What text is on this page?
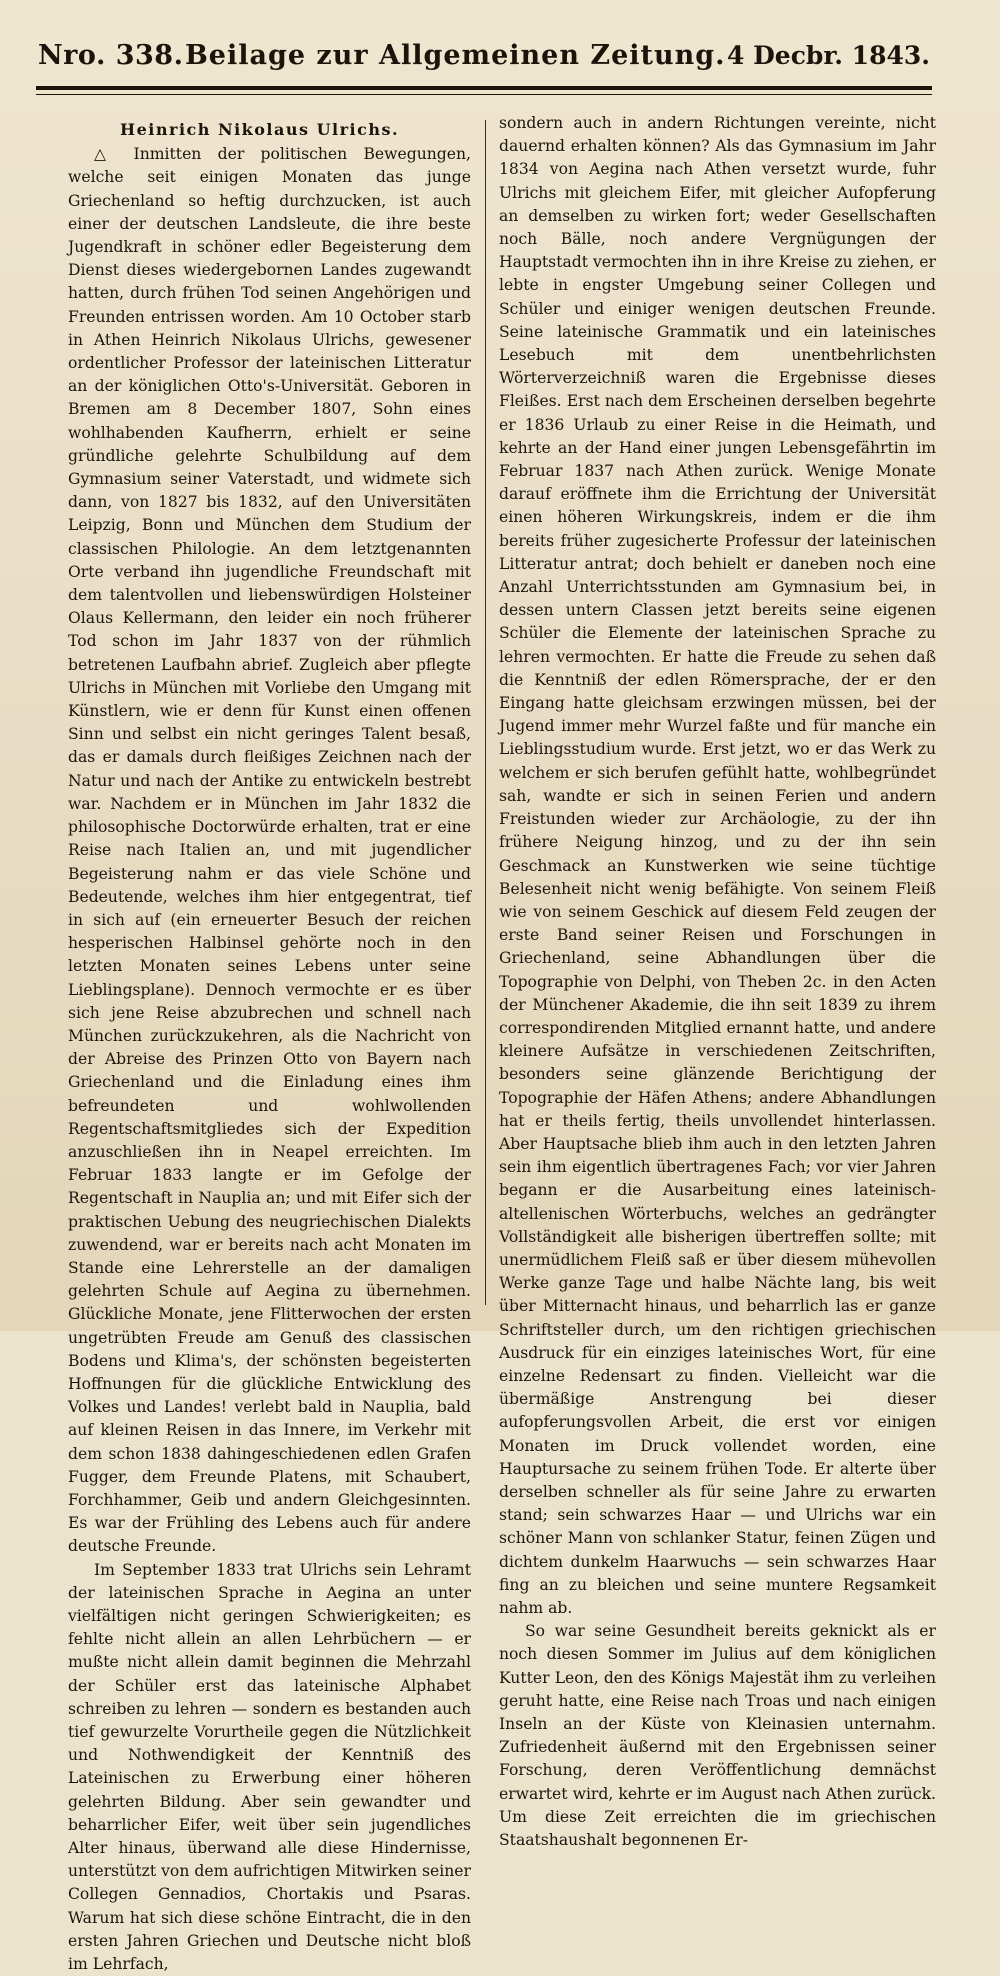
Nro. 338. Beilage zur Allgemeinen Zeitung. 4 Decbr. 1843.
Heinrich Nikolaus Ulrichs.

△ Inmitten der politischen Bewegungen, welche seit einigen Monaten das junge Griechenland so heftig durchzucken, ist auch einer der deutschen Landsleute, die ihre beste Jugendkraft in schöner edler Begeisterung dem Dienst dieses wiedergebornen Landes zugewandt hatten, durch frühen Tod seinen Angehörigen und Freunden entrissen worden. Am 10 October starb in Athen Heinrich Nikolaus Ulrichs, gewesener ordentlicher Professor der lateinischen Litteratur an der königlichen Otto's-Universität. Geboren in Bremen am 8 December 1807, Sohn eines wohlhabenden Kaufherrn, erhielt er seine gründliche gelehrte Schulbildung auf dem Gymnasium seiner Vaterstadt, und widmete sich dann, von 1827 bis 1832, auf den Universitäten Leipzig, Bonn und München dem Studium der classischen Philologie. An dem letztgenannten Orte verband ihn jugendliche Freundschaft mit dem talentvollen und liebenswürdigen Holsteiner Olaus Kellermann, den leider ein noch früherer Tod schon im Jahr 1837 von der rühmlich betretenen Laufbahn abrief. Zugleich aber pflegte Ulrichs in München mit Vorliebe den Umgang mit Künstlern, wie er denn für Kunst einen offenen Sinn und selbst ein nicht geringes Talent besaß, das er damals durch fleißiges Zeichnen nach der Natur und nach der Antike zu entwickeln bestrebt war. Nachdem er in München im Jahr 1832 die philosophische Doctorwürde erhalten, trat er eine Reise nach Italien an, und mit jugendlicher Begeisterung nahm er das viele Schöne und Bedeutende, welches ihm hier entgegentrat, tief in sich auf (ein erneuerter Besuch der reichen hesperischen Halbinsel gehörte noch in den letzten Monaten seines Lebens unter seine Lieblingsplane). Dennoch vermochte er es über sich jene Reise abzubrechen und schnell nach München zurückzukehren, als die Nachricht von der Abreise des Prinzen Otto von Bayern nach Griechenland und die Einladung eines ihm befreundeten und wohlwollenden Regentschaftsmitgliedes sich der Expedition anzuschließen ihn in Neapel erreichten. Im Februar 1833 langte er im Gefolge der Regentschaft in Nauplia an; und mit Eifer sich der praktischen Uebung des neugriechischen Dialekts zuwendend, war er bereits nach acht Monaten im Stande eine Lehrerstelle an der damaligen gelehrten Schule auf Aegina zu übernehmen. Glückliche Monate, jene Flitterwochen der ersten ungetrübten Freude am Genuß des classischen Bodens und Klima's, der schönsten begeisterten Hoffnungen für die glückliche Entwicklung des Volkes und Landes! verlebt bald in Nauplia, bald auf kleinen Reisen in das Innere, im Verkehr mit dem schon 1838 dahingeschiedenen edlen Grafen Fugger, dem Freunde Platens, mit Schaubert, Forchhammer, Geib und andern Gleichgesinnten. Es war der Frühling des Lebens auch für andere deutsche Freunde.

Im September 1833 trat Ulrichs sein Lehramt der lateinischen Sprache in Aegina an unter vielfältigen nicht geringen Schwierigkeiten; es fehlte nicht allein an allen Lehrbüchern — er mußte nicht allein damit beginnen die Mehrzahl der Schüler erst das lateinische Alphabet schreiben zu lehren — sondern es bestanden auch tief gewurzelte Vorurtheile gegen die Nützlichkeit und Nothwendigkeit der Kenntniß des Lateinischen zu Erwerbung einer höheren gelehrten Bildung. Aber sein gewandter und beharrlicher Eifer, weit über sein jugendliches Alter hinaus, überwand alle diese Hindernisse, unterstützt von dem aufrichtigen Mitwirken seiner Collegen Gennadios, Chortakis und Psaras. Warum hat sich diese schöne Eintracht, die in den ersten Jahren Griechen und Deutsche nicht bloß im Lehrfach,

sondern auch in andern Richtungen vereinte, nicht dauernd erhalten können? Als das Gymnasium im Jahr 1834 von Aegina nach Athen versetzt wurde, fuhr Ulrichs mit gleichem Eifer, mit gleicher Aufopferung an demselben zu wirken fort; weder Gesellschaften noch Bälle, noch andere Vergnügungen der Hauptstadt vermochten ihn in ihre Kreise zu ziehen, er lebte in engster Umgebung seiner Collegen und Schüler und einiger wenigen deutschen Freunde. Seine lateinische Grammatik und ein lateinisches Lesebuch mit dem unentbehrlichsten Wörterverzeichniß waren die Ergebnisse dieses Fleißes. Erst nach dem Erscheinen derselben begehrte er 1836 Urlaub zu einer Reise in die Heimath, und kehrte an der Hand einer jungen Lebensgefährtin im Februar 1837 nach Athen zurück. Wenige Monate darauf eröffnete ihm die Errichtung der Universität einen höheren Wirkungskreis, indem er die ihm bereits früher zugesicherte Professur der lateinischen Litteratur antrat; doch behielt er daneben noch eine Anzahl Unterrichtsstunden am Gymnasium bei, in dessen untern Classen jetzt bereits seine eigenen Schüler die Elemente der lateinischen Sprache zu lehren vermochten. Er hatte die Freude zu sehen daß die Kenntniß der edlen Römersprache, der er den Eingang hatte gleichsam erzwingen müssen, bei der Jugend immer mehr Wurzel faßte und für manche ein Lieblingsstudium wurde. Erst jetzt, wo er das Werk zu welchem er sich berufen gefühlt hatte, wohlbegründet sah, wandte er sich in seinen Ferien und andern Freistunden wieder zur Archäologie, zu der ihn frühere Neigung hinzog, und zu der ihn sein Geschmack an Kunstwerken wie seine tüchtige Belesenheit nicht wenig befähigte. Von seinem Fleiß wie von seinem Geschick auf diesem Feld zeugen der erste Band seiner Reisen und Forschungen in Griechenland, seine Abhandlungen über die Topographie von Delphi, von Theben 2c. in den Acten der Münchener Akademie, die ihn seit 1839 zu ihrem correspondirenden Mitglied ernannt hatte, und andere kleinere Aufsätze in verschiedenen Zeitschriften, besonders seine glänzende Berichtigung der Topographie der Häfen Athens; andere Abhandlungen hat er theils fertig, theils unvollendet hinterlassen. Aber Hauptsache blieb ihm auch in den letzten Jahren sein ihm eigentlich übertragenes Fach; vor vier Jahren begann er die Ausarbeitung eines lateinisch-altellenischen Wörterbuchs, welches an gedrängter Vollständigkeit alle bisherigen übertreffen sollte; mit unermüdlichem Fleiß saß er über diesem mühevollen Werke ganze Tage und halbe Nächte lang, bis weit über Mitternacht hinaus, und beharrlich las er ganze Schriftsteller durch, um den richtigen griechischen Ausdruck für ein einziges lateinisches Wort, für eine einzelne Redensart zu finden. Vielleicht war die übermäßige Anstrengung bei dieser aufopferungsvollen Arbeit, die erst vor einigen Monaten im Druck vollendet worden, eine Hauptursache zu seinem frühen Tode. Er alterte über derselben schneller als für seine Jahre zu erwarten stand; sein schwarzes Haar — und Ulrichs war ein schöner Mann von schlanker Statur, feinen Zügen und dichtem dunkelm Haarwuchs — sein schwarzes Haar fing an zu bleichen und seine muntere Regsamkeit nahm ab.

So war seine Gesundheit bereits geknickt als er noch diesen Sommer im Julius auf dem königlichen Kutter Leon, den des Königs Majestät ihm zu verleihen geruht hatte, eine Reise nach Troas und nach einigen Inseln an der Küste von Kleinasien unternahm. Zufriedenheit äußernd mit den Ergebnissen seiner Forschung, deren Veröffentlichung demnächst erwartet wird, kehrte er im August nach Athen zurück. Um diese Zeit erreichten die im griechischen Staatshaushalt begonnenen Er-
